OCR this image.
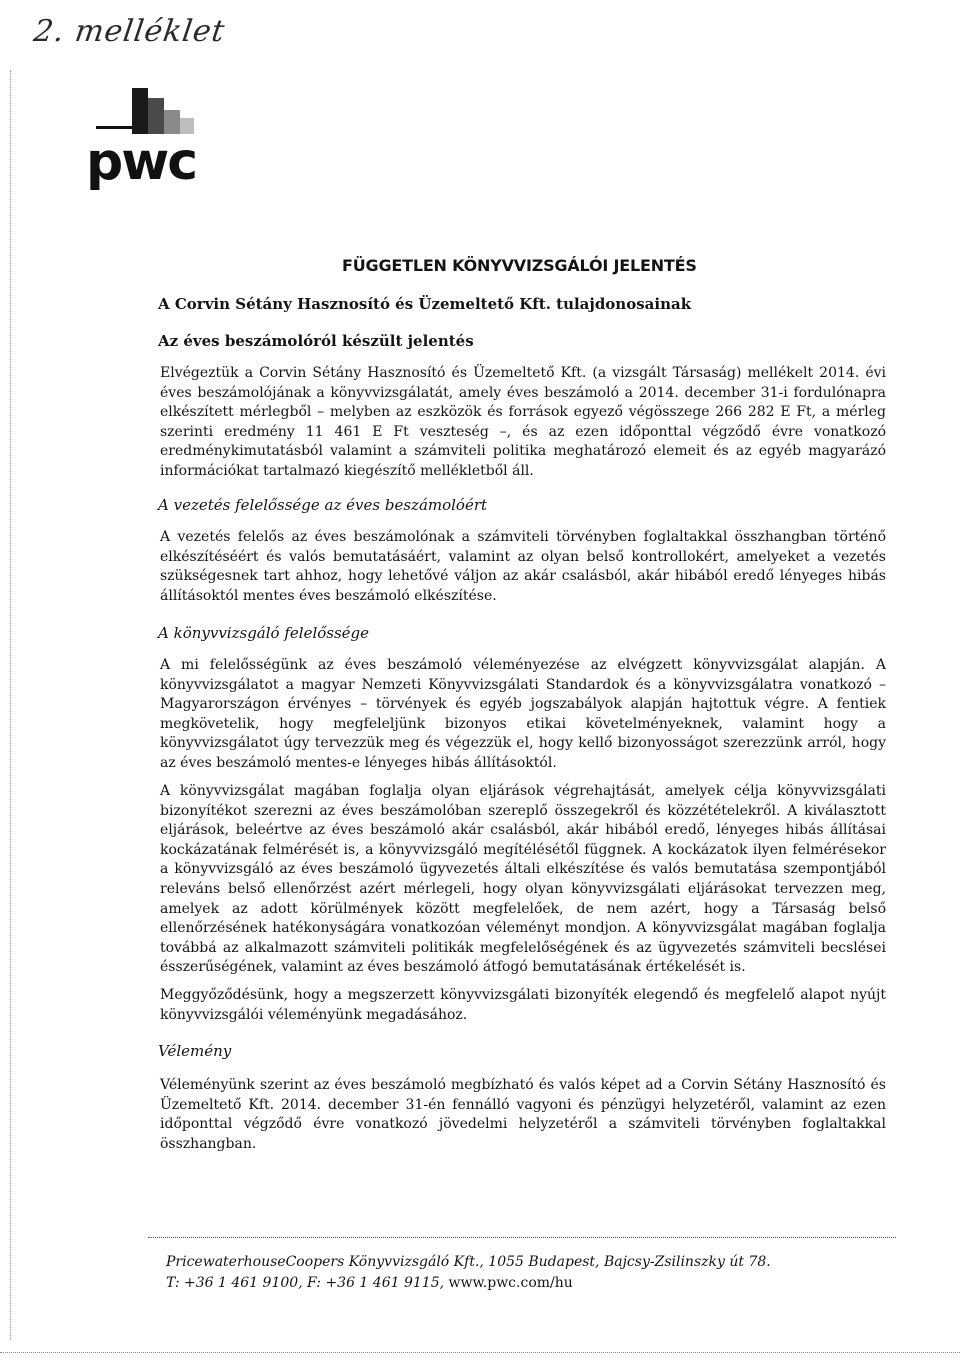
2. melléklet
pwc
FÜGGETLEN KÖNYVVIZSGÁLÓI JELENTÉS
A Corvin Sétány Hasznosító és Üzemeltető Kft. tulajdonosainak
Az éves beszámolóról készült jelentés

Elvégeztük a Corvin Sétány Hasznosító és Üzemeltető Kft. (a vizsgált Társaság) mellékelt 2014. évi éves beszámolójának a könyvvizsgálatát, amely éves beszámoló a 2014. december 31-i fordulónapra elkészített mérlegből – melyben az eszközök és források egyező végösszege 266 282 E Ft, a mérleg szerinti eredmény 11 461 E Ft veszteség –, és az ezen időponttal végződő évre vonatkozó eredménykimutatásból valamint a számviteli politika meghatározó elemeit és az egyéb magyarázó információkat tartalmazó kiegészítő mellékletből áll.

A vezetés felelőssége az éves beszámolóért

A vezetés felelős az éves beszámolónak a számviteli törvényben foglaltakkal összhangban történő elkészítéséért és valós bemutatásáért, valamint az olyan belső kontrollokért, amelyeket a vezetés szükségesnek tart ahhoz, hogy lehetővé váljon az akár csalásból, akár hibából eredő lényeges hibás állításoktól mentes éves beszámoló elkészítése.

A könyvvizsgáló felelőssége

A mi felelősségünk az éves beszámoló véleményezése az elvégzett könyvvizsgálat alapján. A könyvvizsgálatot a magyar Nemzeti Könyvvizsgálati Standardok és a könyvvizsgálatra vonatkozó – Magyarországon érvényes – törvények és egyéb jogszabályok alapján hajtottuk végre. A fentiek megkövetelik, hogy megfeleljünk bizonyos etikai követelményeknek, valamint hogy a könyvvizsgálatot úgy tervezzük meg és végezzük el, hogy kellő bizonyosságot szerezzünk arról, hogy az éves beszámoló mentes-e lényeges hibás állításoktól.

A könyvvizsgálat magában foglalja olyan eljárások végrehajtását, amelyek célja könyvvizsgálati bizonyítékot szerezni az éves beszámolóban szereplő összegekről és közzétételekről. A kiválasztott eljárások, beleértve az éves beszámoló akár csalásból, akár hibából eredő, lényeges hibás állításai kockázatának felmérését is, a könyvvizsgáló megítélésétől függnek. A kockázatok ilyen felmérésekor a könyvvizsgáló az éves beszámoló ügyvezetés általi elkészítése és valós bemutatása szempontjából releváns belső ellenőrzést azért mérlegeli, hogy olyan könyvvizsgálati eljárásokat tervezzen meg, amelyek az adott körülmények között megfelelőek, de nem azért, hogy a Társaság belső ellenőrzésének hatékonyságára vonatkozóan véleményt mondjon. A könyvvizsgálat magában foglalja továbbá az alkalmazott számviteli politikák megfelelőségének és az ügyvezetés számviteli becslései ésszerűségének, valamint az éves beszámoló átfogó bemutatásának értékelését is.

Meggyőződésünk, hogy a megszerzett könyvvizsgálati bizonyíték elegendő és megfelelő alapot nyújt könyvvizsgálói véleményünk megadásához.

Vélemény

Véleményünk szerint az éves beszámoló megbízható és valós képet ad a Corvin Sétány Hasznosító és Üzemeltető Kft. 2014. december 31-én fennálló vagyoni és pénzügyi helyzetéről, valamint az ezen időponttal végződő évre vonatkozó jövedelmi helyzetéről a számviteli törvényben foglaltakkal összhangban.

PricewaterhouseCoopers Könyvvizsgáló Kft., 1055 Budapest, Bajcsy-Zsilinszky út 78.
T: +36 1 461 9100, F: +36 1 461 9115, www.pwc.com/hu
